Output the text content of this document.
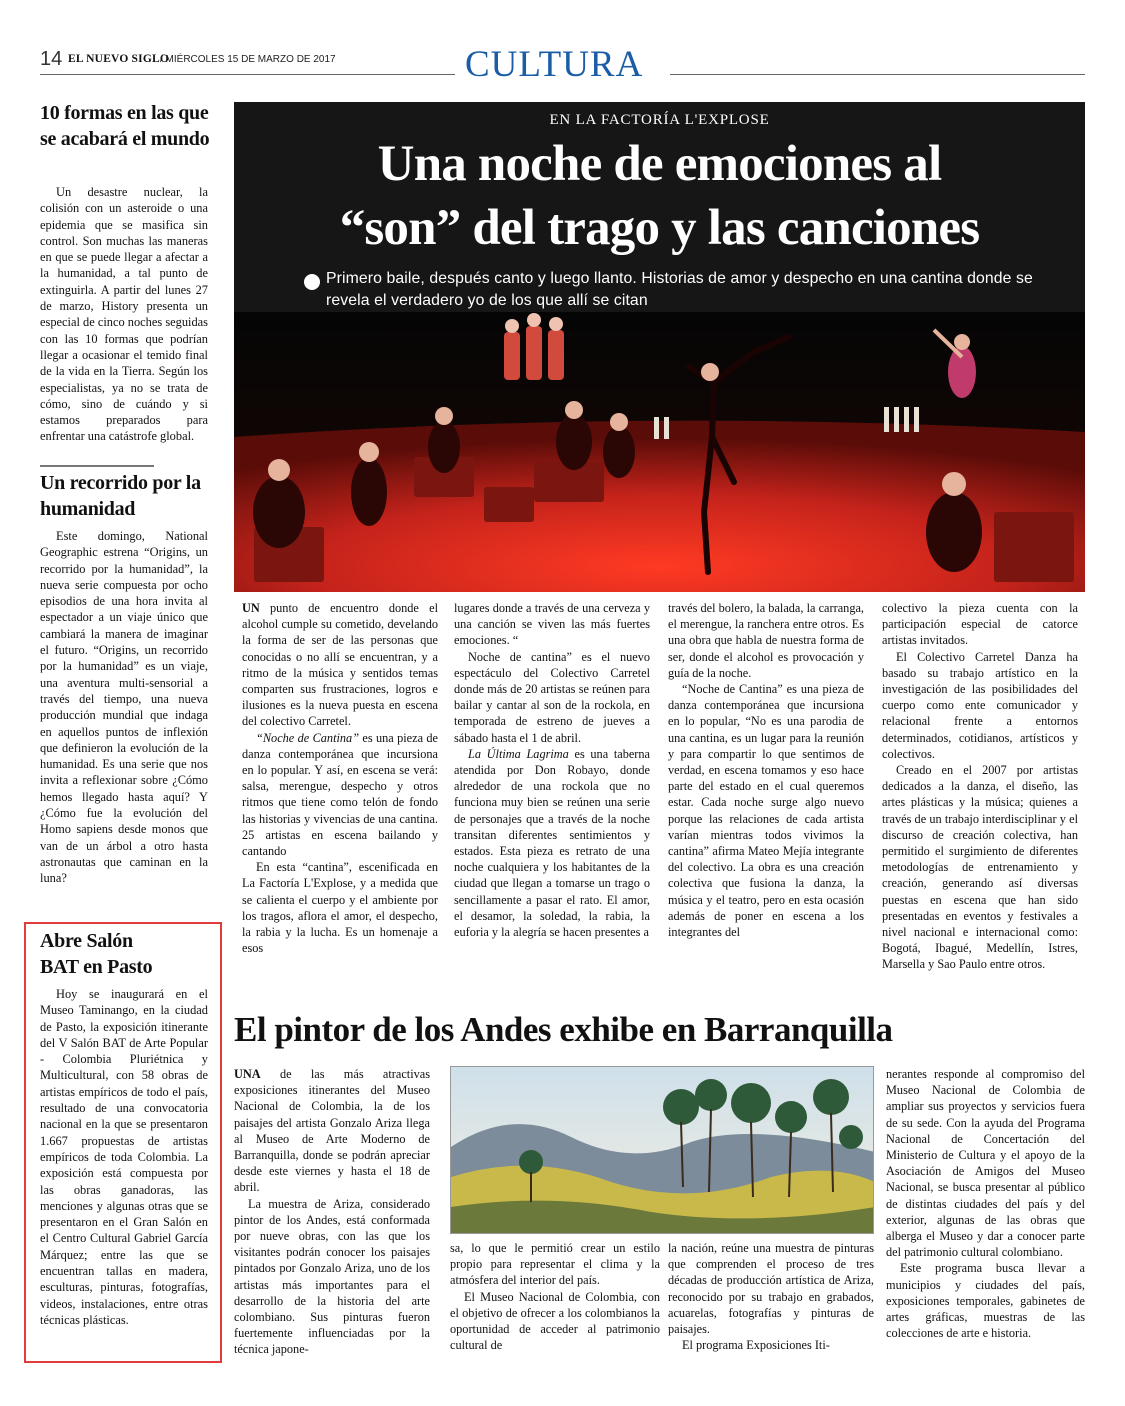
14 EL NUEVO SIGLO
/ MIÉRCOLES 15 DE MARZO DE 2017	CULTURA
10 formas en las que se acabará el mundo
Un desastre nuclear, la colisión con un asteroide o una epidemia que se masifica sin control. Son muchas las maneras en que se puede llegar a afectar a la humanidad, a tal punto de extinguirla. A partir del lunes 27 de marzo, History presenta un especial de cinco noches seguidas con las 10 formas que podrían llegar a ocasionar el temido final de la vida en la Tierra. Según los especialistas, ya no se trata de cómo, sino de cuándo y si estamos preparados para enfrentar una catástrofe global.
Un recorrido por la humanidad
Este domingo, National Geographic estrena “Origins, un recorrido por la humanidad”, la nueva serie compuesta por ocho episodios de una hora invita al espectador a un viaje único que cambiará la manera de imaginar el futuro. “Origins, un recorrido por la humanidad” es un viaje, una aventura multi-sensorial a través del tiempo, una nueva producción mundial que indaga en aquellos puntos de inflexión que definieron la evolución de la humanidad. Es una serie que nos invita a reflexionar sobre ¿Cómo hemos llegado hasta aquí? Y ¿Cómo fue la evolución del Homo sapiens desde monos que van de un árbol a otro hasta astronautas que caminan en la luna?
Abre Salón BAT en Pasto
Hoy se inaugurará en el Museo Taminango, en la ciudad de Pasto, la exposición itinerante del V Salón BAT de Arte Popular - Colombia Pluriétnica y Multicultural, con 58 obras de artistas empíricos de todo el país, resultado de una convocatoria nacional en la que se presentaron 1.667 propuestas de artistas empíricos de toda Colombia. La exposición está compuesta por las obras ganadoras, las menciones y algunas otras que se presentaron en el Gran Salón en el Centro Cultural Gabriel García Márquez; entre las que se encuentran tallas en madera, esculturas, pinturas, fotografías, videos, instalaciones, entre otras técnicas plásticas.
EN LA FACTORÍA L'EXPLOSE
Una noche de emociones al
“son” del trago y las canciones
Primero baile, después canto y luego llanto. Historias de amor y despecho en una cantina donde se revela el verdadero yo de los que allí se citan

UN punto de encuentro donde el alcohol cumple su cometido, develando la forma de ser de las personas que conocidas o no allí se encuentran, y a ritmo de la música y sentidos temas comparten sus frustraciones, logros e ilusiones es la nueva puesta en escena del colectivo Carretel.

“Noche de Cantina” es una pieza de danza contemporánea que incursiona en lo popular. Y así, en escena se verá: salsa, merengue, despecho y otros ritmos que tiene como telón de fondo las historias y vivencias de una cantina. 25 artistas en escena bailando y cantando

En esta “cantina”, escenificada en La Factoría L'Explose, y a medida que se calienta el cuerpo y el ambiente por los tragos, aflora el amor, el despecho, la rabia y la lucha. Es un homenaje a esos

lugares donde a través de una cerveza y una canción se viven las más fuertes emociones. “

Noche de cantina” es el nuevo espectáculo del Colectivo Carretel donde más de 20 artistas se reúnen para bailar y cantar al son de la rockola, en temporada de estreno de jueves a sábado hasta el 1 de abril.

La Última Lagrima es una taberna atendida por Don Robayo, donde alrededor de una rockola que no funciona muy bien se reúnen una serie de personajes que a través de la noche transitan diferentes sentimientos y estados. Esta pieza es retrato de una noche cualquiera y los habitantes de la ciudad que llegan a tomarse un trago o sencillamente a pasar el rato. El amor, el desamor, la soledad, la rabia, la euforia y la alegría se hacen presentes a

través del bolero, la balada, la carranga, el merengue, la ranchera entre otros. Es una obra que habla de nuestra forma de ser, donde el alcohol es provocación y guía de la noche.

“Noche de Cantina” es una pieza de danza contemporánea que incursiona en lo popular, “No es una parodia de una cantina, es un lugar para la reunión y para compartir lo que sentimos de verdad, en escena tomamos y eso hace parte del estado en el cual queremos estar. Cada noche surge algo nuevo porque las relaciones de cada artista varían mientras todos vivimos la cantina” afirma Mateo Mejía integrante del colectivo. La obra es una creación colectiva que fusiona la danza, la música y el teatro, pero en esta ocasión además de poner en escena a los integrantes del

colectivo la pieza cuenta con la participación especial de catorce artistas invitados.

El Colectivo Carretel Danza ha basado su trabajo artístico en la investigación de las posibilidades del cuerpo como ente comunicador y relacional frente a entornos determinados, cotidianos, artísticos y colectivos.

Creado en el 2007 por artistas dedicados a la danza, el diseño, las artes plásticas y la música; quienes a través de un trabajo interdisciplinar y el discurso de creación colectiva, han permitido el surgimiento de diferentes metodologías de entrenamiento y creación, generando así diversas puestas en escena que han sido presentadas en eventos y festivales a nivel nacional e internacional como: Bogotá, Ibagué, Medellín, Istres, Marsella y Sao Paulo entre otros.

El pintor de los Andes exhibe en Barranquilla

UNA de las más atractivas exposiciones itinerantes del Museo Nacional de Colombia, la de los paisajes del artista Gonzalo Ariza llega al Museo de Arte Moderno de Barranquilla, donde se podrán apreciar desde este viernes y hasta el 18 de abril.

La muestra de Ariza, considerado pintor de los Andes, está conformada por nueve obras, con las que los visitantes podrán conocer los paisajes pintados por Gonzalo Ariza, uno de los artistas más importantes para el desarrollo de la historia del arte colombiano. Sus pinturas fueron fuertemente influenciadas por la técnica japone-

sa, lo que le permitió crear un estilo propio para representar el clima y la atmósfera del interior del país.

El Museo Nacional de Colombia, con el objetivo de ofrecer a los colombianos la oportunidad de acceder al patrimonio cultural de

la nación, reúne una muestra de pinturas que comprenden el proceso de tres décadas de producción artística de Ariza, reconocido por su trabajo en grabados, acuarelas, fotografías y pinturas de paisajes.

El programa Exposiciones Iti-

nerantes responde al compromiso del Museo Nacional de Colombia de ampliar sus proyectos y servicios fuera de su sede. Con la ayuda del Programa Nacional de Concertación del Ministerio de Cultura y el apoyo de la Asociación de Amigos del Museo Nacional, se busca presentar al público de distintas ciudades del país y del exterior, algunas de las obras que alberga el Museo y dar a conocer parte del patrimonio cultural colombiano.

Este programa busca llevar a municipios y ciudades del país, exposiciones temporales, gabinetes de artes gráficas, muestras de las colecciones de arte e historia.
